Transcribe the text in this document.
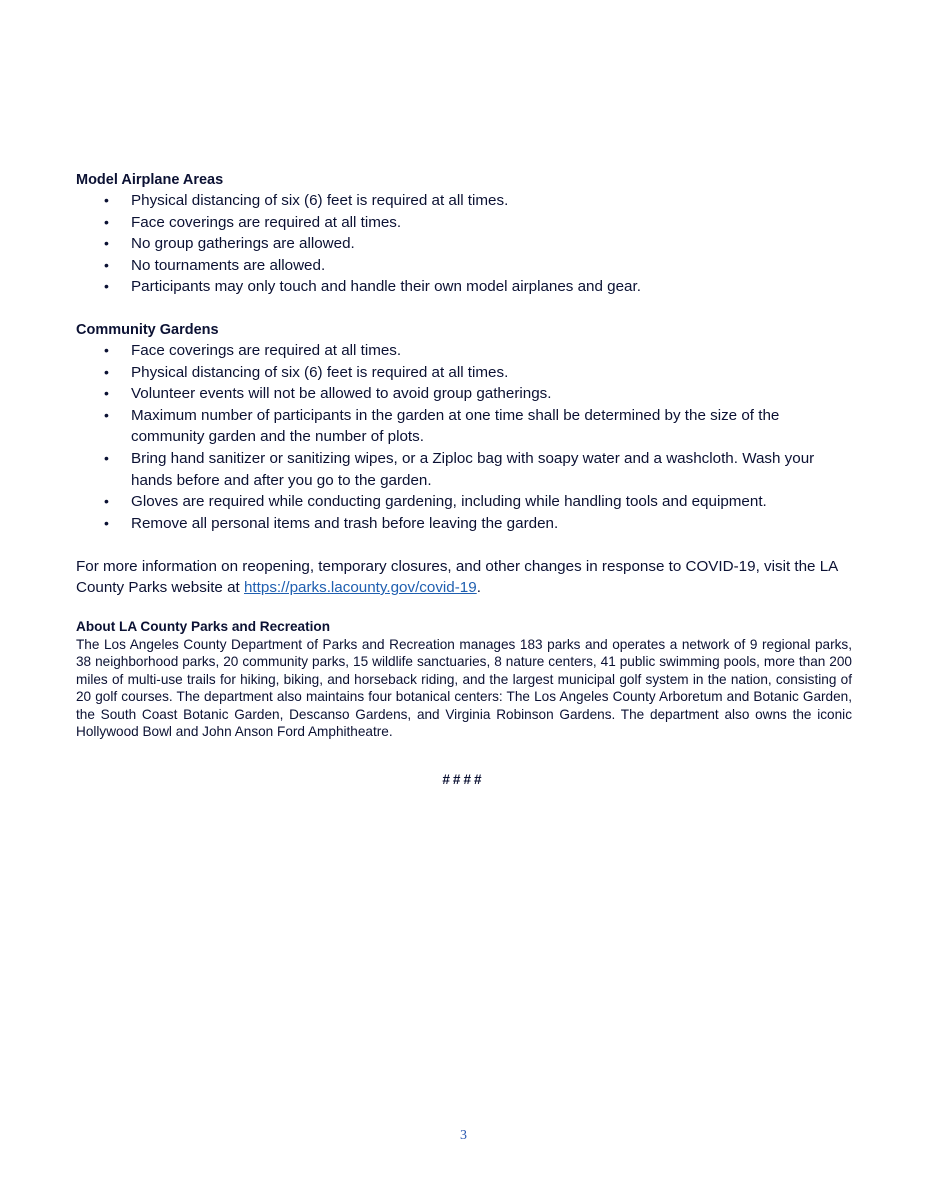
Model Airplane Areas

• Physical distancing of six (6) feet is required at all times.
• Face coverings are required at all times.
• No group gatherings are allowed.
• No tournaments are allowed.
• Participants may only touch and handle their own model airplanes and gear.

Community Gardens

• Face coverings are required at all times.
• Physical distancing of six (6) feet is required at all times.
• Volunteer events will not be allowed to avoid group gatherings.
• Maximum number of participants in the garden at one time shall be determined by the size of the community garden and the number of plots.
• Bring hand sanitizer or sanitizing wipes, or a Ziploc bag with soapy water and a washcloth. Wash your hands before and after you go to the garden.
• Gloves are required while conducting gardening, including while handling tools and equipment.
• Remove all personal items and trash before leaving the garden.

For more information on reopening, temporary closures, and other changes in response to COVID-19, visit the LA County Parks website at https://parks.lacounty.gov/covid-19.

About LA County Parks and Recreation

The Los Angeles County Department of Parks and Recreation manages 183 parks and operates a network of 9 regional parks, 38 neighborhood parks, 20 community parks, 15 wildlife sanctuaries, 8 nature centers, 41 public swimming pools, more than 200 miles of multi-use trails for hiking, biking, and horseback riding, and the largest municipal golf system in the nation, consisting of 20 golf courses. The department also maintains four botanical centers: The Los Angeles County Arboretum and Botanic Garden, the South Coast Botanic Garden, Descanso Gardens, and Virginia Robinson Gardens. The department also owns the iconic Hollywood Bowl and John Anson Ford Amphitheatre.

####
3
